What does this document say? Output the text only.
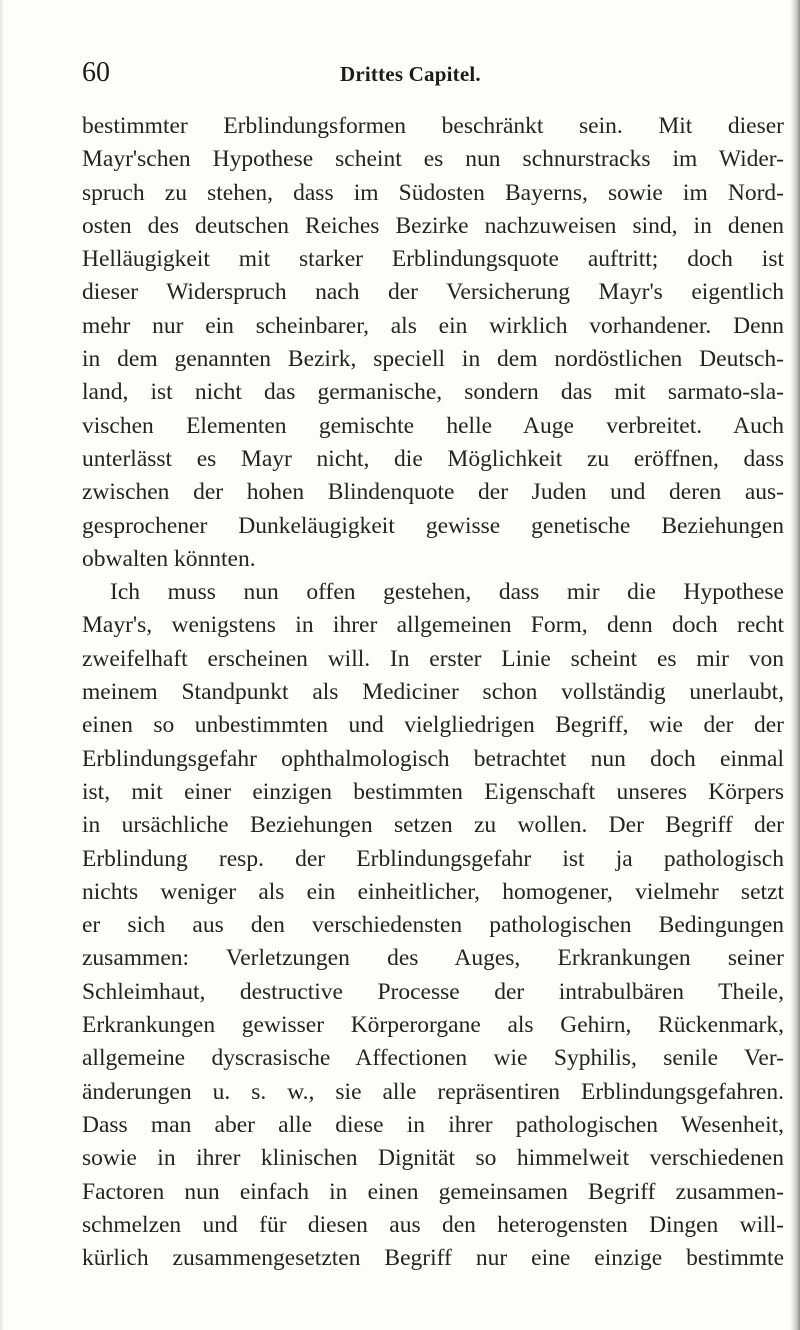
60	Drittes Capitel.
bestimmter Erblindungsformen beschränkt sein. Mit dieser
Mayr'schen Hypothese scheint es nun schnurstracks im Wider-
spruch zu stehen, dass im Südosten Bayerns, sowie im Nord-
osten des deutschen Reiches Bezirke nachzuweisen sind, in denen
Helläugigkeit mit starker Erblindungsquote auftritt; doch ist
dieser Widerspruch nach der Versicherung Mayr's eigentlich
mehr nur ein scheinbarer, als ein wirklich vorhandener. Denn
in dem genannten Bezirk, speciell in dem nordöstlichen Deutsch-
land, ist nicht das germanische, sondern das mit sarmato-sla-
vischen Elementen gemischte helle Auge verbreitet. Auch
unterlässt es Mayr nicht, die Möglichkeit zu eröffnen, dass
zwischen der hohen Blindenquote der Juden und deren aus-
gesprochener Dunkeläugigkeit gewisse genetische Beziehungen
obwalten könnten.
Ich muss nun offen gestehen, dass mir die Hypothese
Mayr's, wenigstens in ihrer allgemeinen Form, denn doch recht
zweifelhaft erscheinen will. In erster Linie scheint es mir von
meinem Standpunkt als Mediciner schon vollständig unerlaubt,
einen so unbestimmten und vielgliedrigen Begriff, wie der der
Erblindungsgefahr ophthalmologisch betrachtet nun doch einmal
ist, mit einer einzigen bestimmten Eigenschaft unseres Körpers
in ursächliche Beziehungen setzen zu wollen. Der Begriff der
Erblindung resp. der Erblindungsgefahr ist ja pathologisch
nichts weniger als ein einheitlicher, homogener, vielmehr setzt
er sich aus den verschiedensten pathologischen Bedingungen
zusammen: Verletzungen des Auges, Erkrankungen seiner
Schleimhaut, destructive Processe der intrabulbären Theile,
Erkrankungen gewisser Körperorgane als Gehirn, Rückenmark,
allgemeine dyscrasische Affectionen wie Syphilis, senile Ver-
änderungen u. s. w., sie alle repräsentiren Erblindungsgefahren.
Dass man aber alle diese in ihrer pathologischen Wesenheit,
sowie in ihrer klinischen Dignität so himmelweit verschiedenen
Factoren nun einfach in einen gemeinsamen Begriff zusammen-
schmelzen und für diesen aus den heterogensten Dingen will-
kürlich zusammengesetzten Begriff nur eine einzige bestimmte
